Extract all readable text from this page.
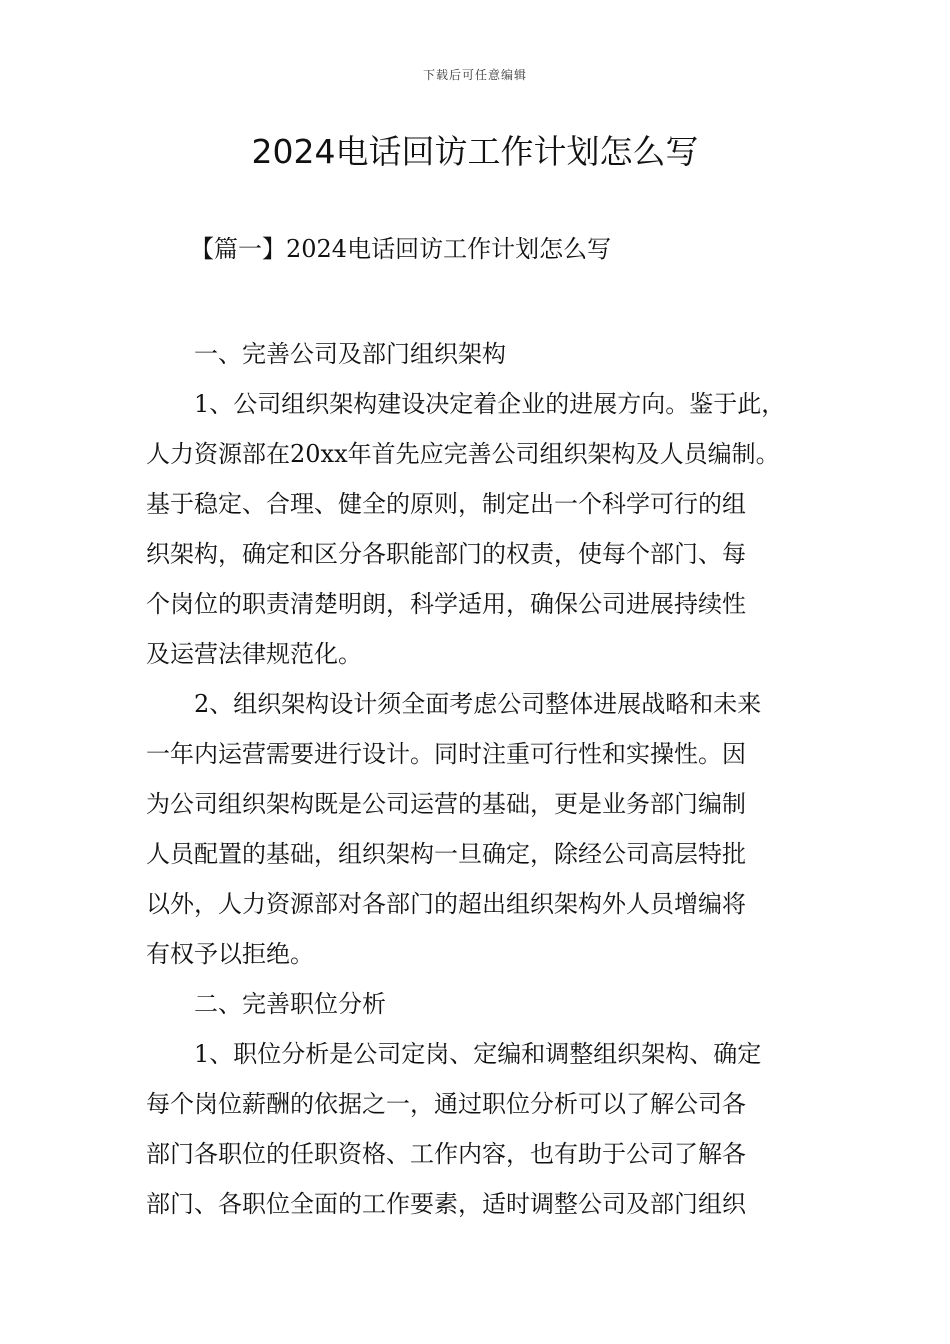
下载后可任意编辑
2024电话回访工作计划怎么写
【篇一】2024电话回访工作计划怎么写

一、完善公司及部门组织架构

1、公司组织架构建设决定着企业的进展方向。鉴于此，
人力资源部在20xx年首先应完善公司组织架构及人员编制。
基于稳定、合理、健全的原则，制定出一个科学可行的组
织架构，确定和区分各职能部门的权责，使每个部门、每
个岗位的职责清楚明朗，科学适用，确保公司进展持续性
及运营法律规范化。

2、组织架构设计须全面考虑公司整体进展战略和未来
一年内运营需要进行设计。同时注重可行性和实操性。因
为公司组织架构既是公司运营的基础，更是业务部门编制
人员配置的基础，组织架构一旦确定，除经公司高层特批
以外，人力资源部对各部门的超出组织架构外人员增编将
有权予以拒绝。

二、完善职位分析

1、职位分析是公司定岗、定编和调整组织架构、确定
每个岗位薪酬的依据之一，通过职位分析可以了解公司各
部门各职位的任职资格、工作内容，也有助于公司了解各
部门、各职位全面的工作要素，适时调整公司及部门组织
